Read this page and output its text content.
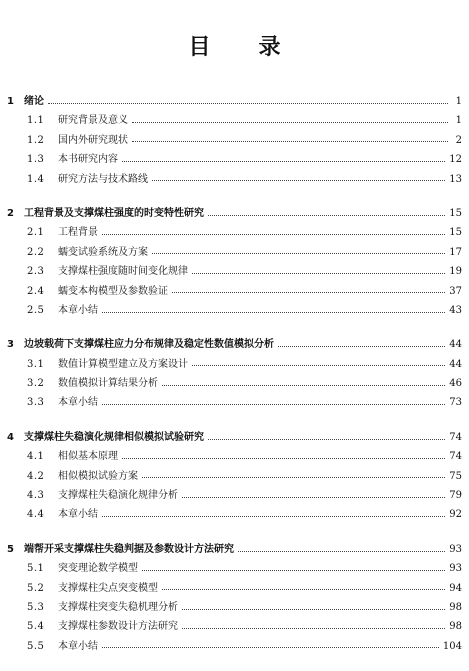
目 录
1	绪论	1
1.1	研究背景及意义	1
1.2	国内外研究现状	2
1.3	本书研究内容	12
1.4	研究方法与技术路线	13
2	工程背景及支撑煤柱强度的时变特性研究	15
2.1	工程背景	15
2.2	蠕变试验系统及方案	17
2.3	支撑煤柱强度随时间变化规律	19
2.4	蠕变本构模型及参数验证	37
2.5	本章小结	43
3	边坡载荷下支撑煤柱应力分布规律及稳定性数值模拟分析	44
3.1	数值计算模型建立及方案设计	44
3.2	数值模拟计算结果分析	46
3.3	本章小结	73
4	支撑煤柱失稳演化规律相似模拟试验研究	74
4.1	相似基本原理	74
4.2	相似模拟试验方案	75
4.3	支撑煤柱失稳演化规律分析	79
4.4	本章小结	92
5	端帮开采支撑煤柱失稳判据及参数设计方法研究	93
5.1	突变理论数学模型	93
5.2	支撑煤柱尖点突变模型	94
5.3	支撑煤柱突变失稳机理分析	98
5.4	支撑煤柱参数设计方法研究	98
5.5	本章小结	104
